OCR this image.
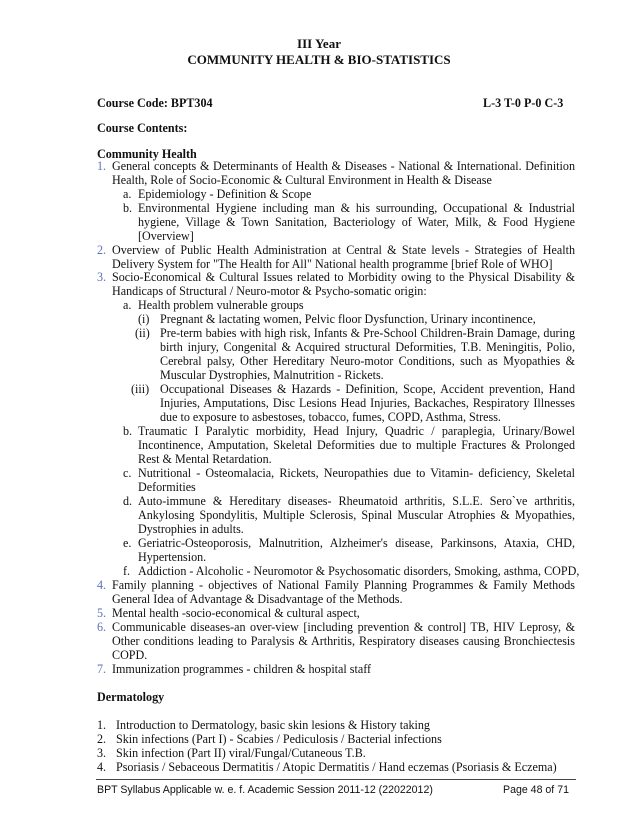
III Year
COMMUNITY HEALTH & BIO-STATISTICS
Course Code: BPT304	L-3 T-0 P-0 C-3
Course Contents:
Community Health
1.
a.
b.
2.
3.
a.
(i)
(ii)
(iii)
b.
c.
d.
e.
f.
4.
5.
6.
7.
General concepts & Determinants of Health & Diseases - National & International. Definition
Health, Role of Socio-Economic & Cultural Environment in Health & Disease
Epidemiology - Definition & Scope
Environmental Hygiene including man & his surrounding, Occupational & Industrial
hygiene, Village & Town Sanitation, Bacteriology of Water, Milk, & Food Hygiene
[Overview]
Overview of Public Health Administration at Central & State levels - Strategies of Health
Delivery System for "The Health for All" National health programme [brief Role of WHO]
Socio-Economical & Cultural Issues related to Morbidity owing to the Physical Disability &
Handicaps of Structural / Neuro-motor & Psycho-somatic origin:
Health problem vulnerable groups
Pregnant & lactating women, Pelvic floor Dysfunction, Urinary incontinence,
Pre-term babies with high risk, Infants & Pre-School Children-Brain Damage, during
birth injury, Congenital & Acquired structural Deformities, T.B. Meningitis, Polio,
Cerebral palsy, Other Hereditary Neuro-motor Conditions, such as Myopathies &
Muscular Dystrophies, Malnutrition - Rickets.
Occupational Diseases & Hazards - Definition, Scope, Accident prevention, Hand
Injuries, Amputations, Disc Lesions Head Injuries, Backaches, Respiratory Illnesses
due to exposure to asbestoses, tobacco, fumes, COPD, Asthma, Stress.
Traumatic I Paralytic morbidity, Head Injury, Quadric / paraplegia, Urinary/Bowel
Incontinence, Amputation, Skeletal Deformities due to multiple Fractures & Prolonged
Rest & Mental Retardation.
Nutritional - Osteomalacia, Rickets, Neuropathies due to Vitamin- deficiency, Skeletal
Deformities
Auto-immune & Hereditary diseases- Rheumatoid arthritis, S.L.E. Sero`ve arthritis,
Ankylosing Spondylitis, Multiple Sclerosis, Spinal Muscular Atrophies & Myopathies,
Dystrophies in adults.
Geriatric-Osteoporosis, Malnutrition, Alzheimer's disease, Parkinsons, Ataxia, CHD,
Hypertension.
Addiction - Alcoholic - Neuromotor & Psychosomatic disorders, Smoking, asthma, COPD,
Family planning - objectives of National Family Planning Programmes & Family Methods
General Idea of Advantage & Disadvantage of the Methods.
Mental health -socio-economical & cultural aspect,
Communicable diseases-an over-view [including prevention & control] TB, HIV Leprosy, &
Other conditions leading to Paralysis & Arthritis, Respiratory diseases causing Bronchiectesis
COPD.
Immunization programmes - children & hospital staff
Dermatology
1.
2.
3.
4.
Introduction to Dermatology, basic skin lesions & History taking
Skin infections (Part I) - Scabies / Pediculosis / Bacterial infections
Skin infection (Part II) viral/Fungal/Cutaneous T.B.
Psoriasis / Sebaceous Dermatitis / Atopic Dermatitis / Hand eczemas (Psoriasis & Eczema)
BPT Syllabus Applicable w. e. f. Academic Session 2011-12 (22022012)	Page 48 of 71
